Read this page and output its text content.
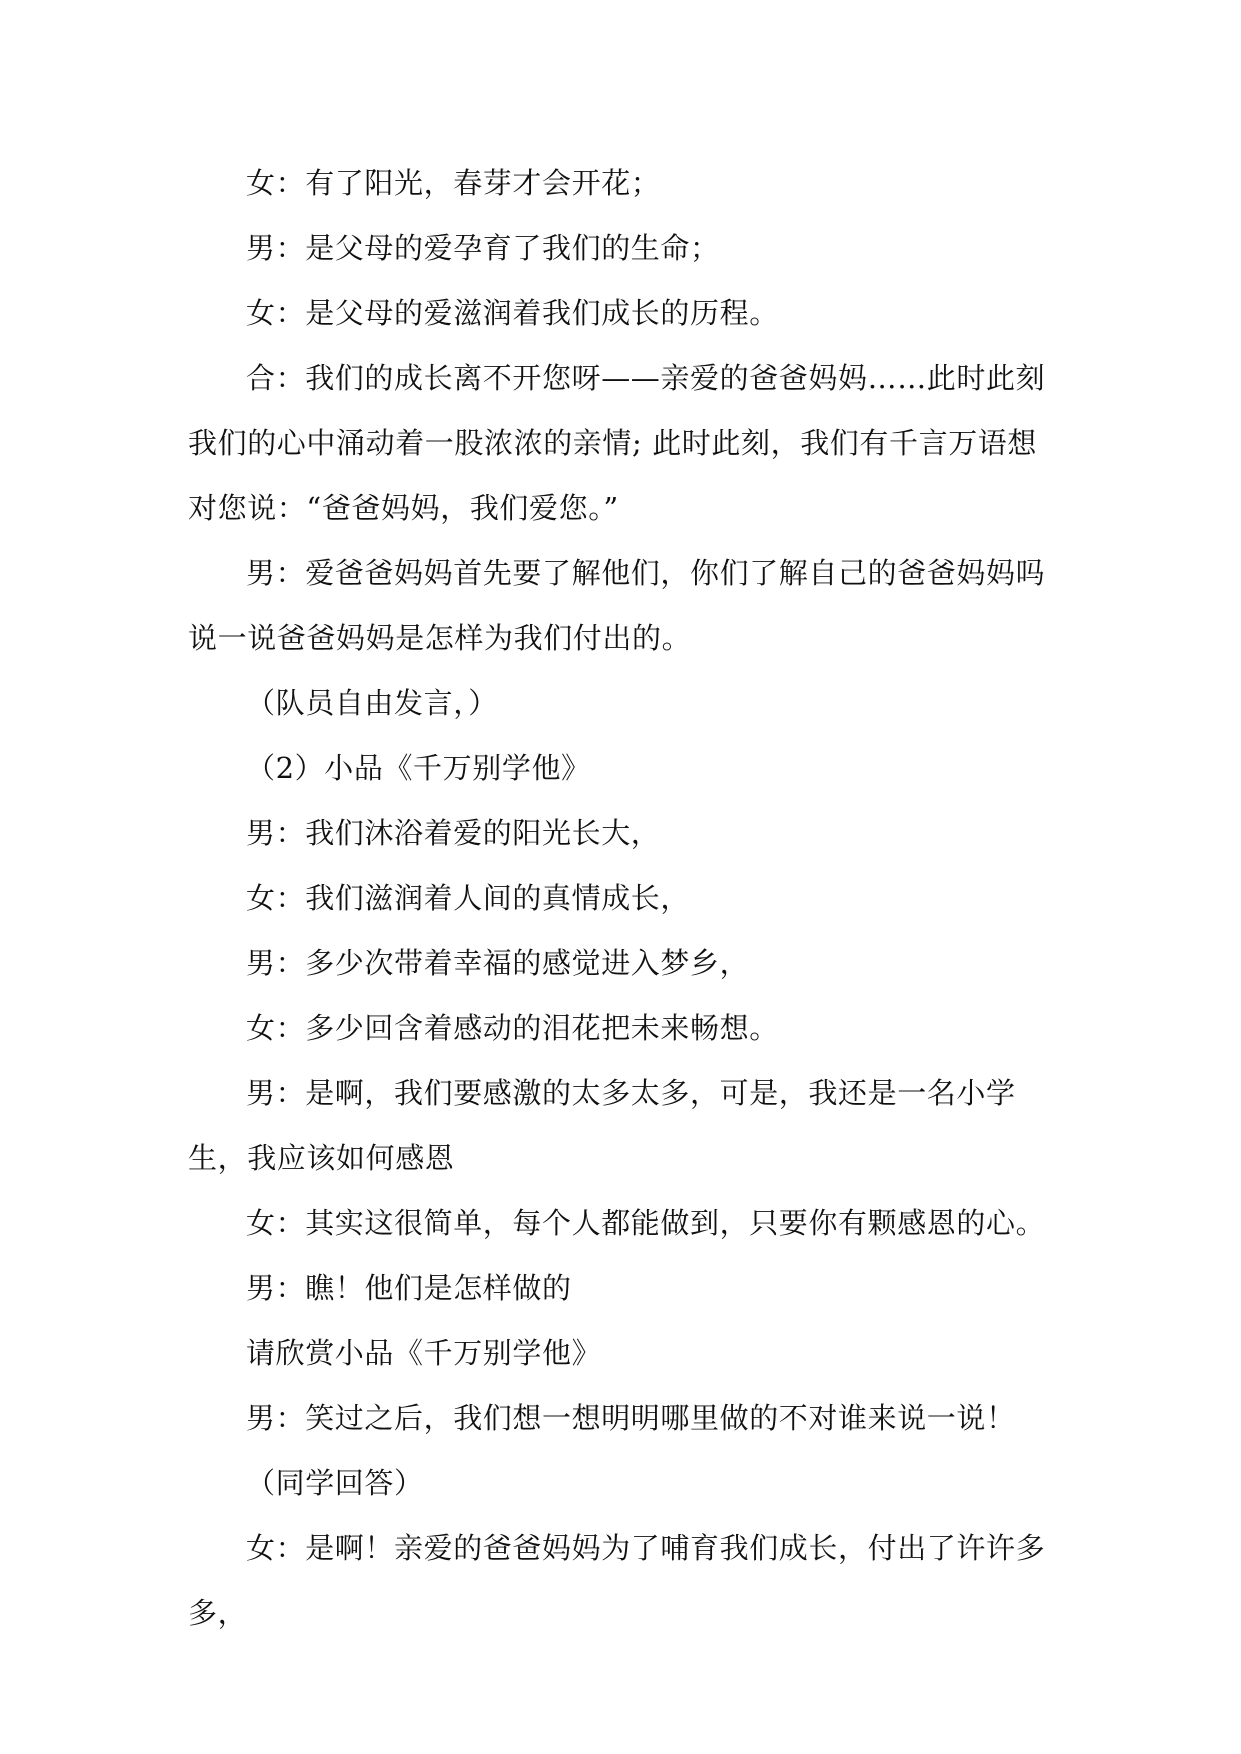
女：有了阳光，春芽才会开花；

男：是父母的爱孕育了我们的生命；

女：是父母的爱滋润着我们成长的历程。

合：我们的成长离不开您呀——亲爱的爸爸妈妈……此时此刻我们的心中涌动着一股浓浓的亲情; 此时此刻，我们有千言万语想对您说：“爸爸妈妈，我们爱您。”

男：爱爸爸妈妈首先要了解他们，你们了解自己的爸爸妈妈吗说一说爸爸妈妈是怎样为我们付出的。

（队员自由发言，）

（2）小品《千万别学他》

男：我们沐浴着爱的阳光长大，

女：我们滋润着人间的真情成长，

男：多少次带着幸福的感觉进入梦乡，

女：多少回含着感动的泪花把未来畅想。

男：是啊，我们要感激的太多太多，可是，我还是一名小学生，我应该如何感恩

女：其实这很简单，每个人都能做到，只要你有颗感恩的心。

男：瞧！他们是怎样做的

请欣赏小品《千万别学他》

男：笑过之后，我们想一想明明哪里做的不对谁来说一说！

（同学回答）

女：是啊！亲爱的爸爸妈妈为了哺育我们成长，付出了许许多多，
